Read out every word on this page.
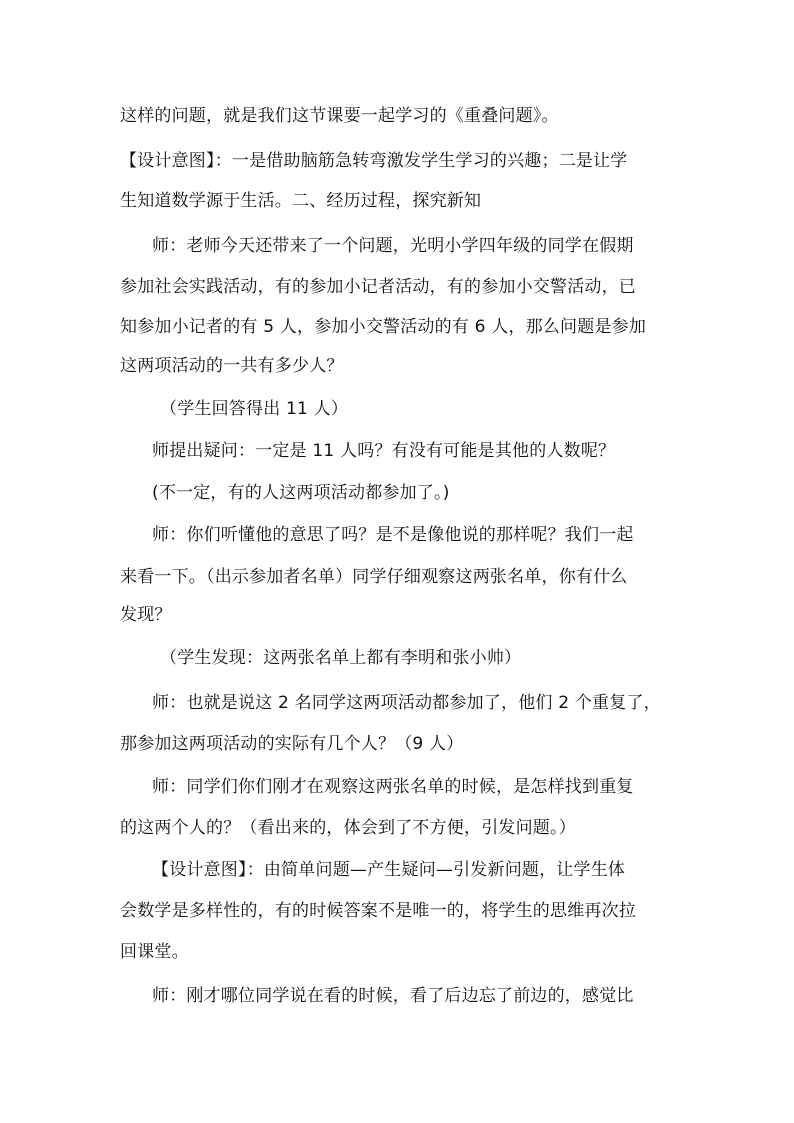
这样的问题，就是我们这节课要一起学习的《重叠问题》。
【设计意图】：一是借助脑筋急转弯激发学生学习的兴趣；二是让学
生知道数学源于生活。二、经历过程，探究新知
师：老师今天还带来了一个问题，光明小学四年级的同学在假期
参加社会实践活动，有的参加小记者活动，有的参加小交警活动，已
知参加小记者的有 5 人，参加小交警活动的有 6 人，那么问题是参加
这两项活动的一共有多少人？
（学生回答得出 11 人）
师提出疑问：一定是 11 人吗？有没有可能是其他的人数呢？
(不一定，有的人这两项活动都参加了。)
师：你们听懂他的意思了吗？是不是像他说的那样呢？我们一起
来看一下。（出示参加者名单）同学仔细观察这两张名单，你有什么
发现？
（学生发现：这两张名单上都有李明和张小帅）
师：也就是说这 2 名同学这两项活动都参加了，他们 2 个重复了，
那参加这两项活动的实际有几个人？（9 人）
师：同学们你们刚才在观察这两张名单的时候，是怎样找到重复
的这两个人的？（看出来的，体会到了不方便，引发问题。）
【设计意图】：由简单问题—产生疑问—引发新问题，让学生体
会数学是多样性的，有的时候答案不是唯一的，将学生的思维再次拉
回课堂。
师：刚才哪位同学说在看的时候，看了后边忘了前边的，感觉比
